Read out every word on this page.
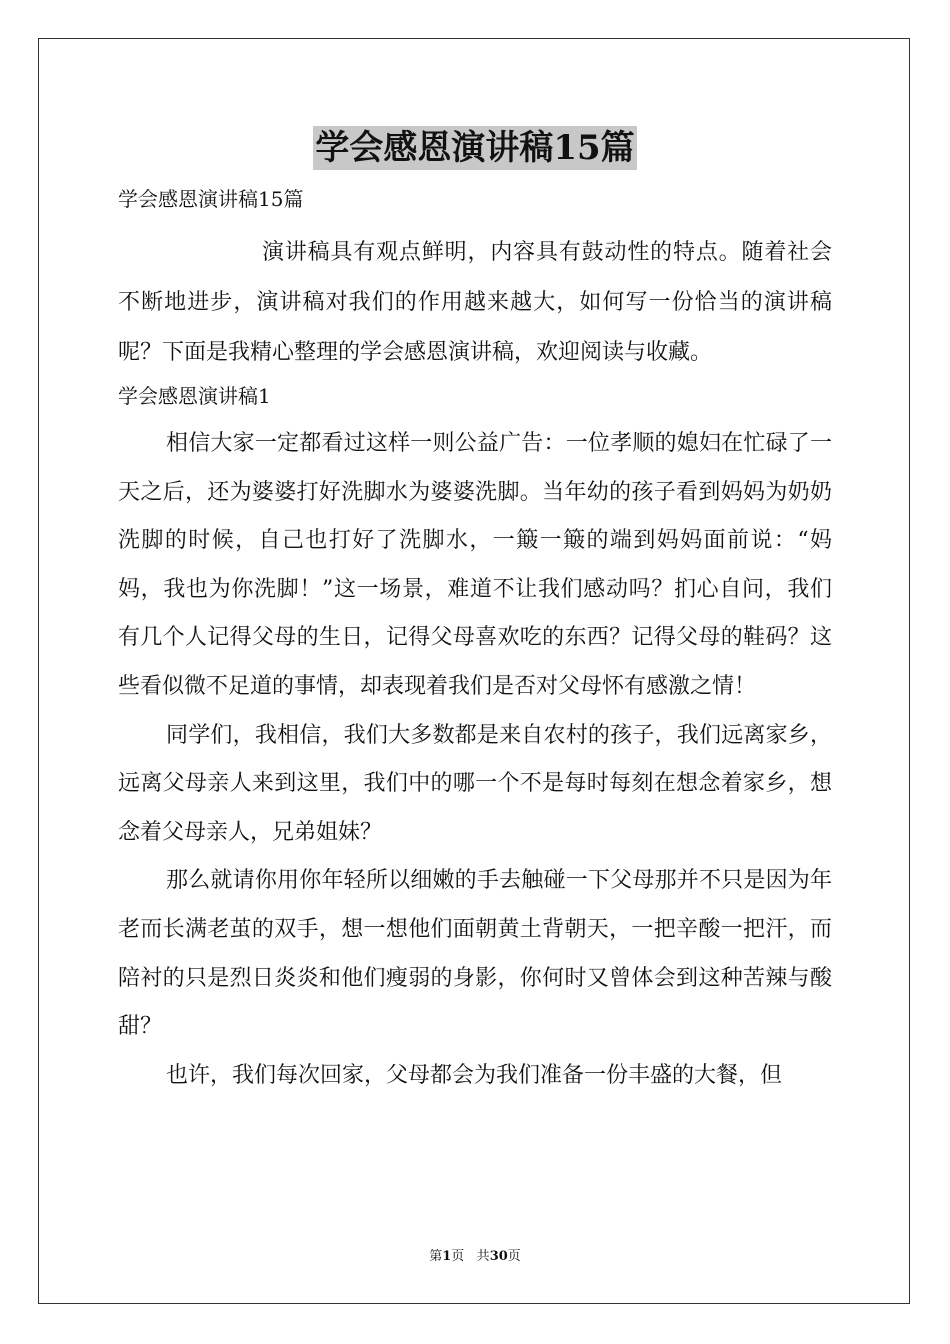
学会感恩演讲稿15篇
学会感恩演讲稿15篇

演讲稿具有观点鲜明，内容具有鼓动性的特点。随着社会不断地进步，演讲稿对我们的作用越来越大，如何写一份恰当的演讲稿呢？下面是我精心整理的学会感恩演讲稿，欢迎阅读与收藏。

学会感恩演讲稿1

相信大家一定都看过这样一则公益广告：一位孝顺的媳妇在忙碌了一天之后，还为婆婆打好洗脚水为婆婆洗脚。当年幼的孩子看到妈妈为奶奶洗脚的时候，自己也打好了洗脚水，一簸一簸的端到妈妈面前说：“妈妈，我也为你洗脚！”这一场景，难道不让我们感动吗？扪心自问，我们有几个人记得父母的生日，记得父母喜欢吃的东西？记得父母的鞋码？这些看似微不足道的事情，却表现着我们是否对父母怀有感激之情！

同学们，我相信，我们大多数都是来自农村的孩子，我们远离家乡，远离父母亲人来到这里，我们中的哪一个不是每时每刻在想念着家乡，想念着父母亲人，兄弟姐妹？

那么就请你用你年轻所以细嫩的手去触碰一下父母那并不只是因为年老而长满老茧的双手，想一想他们面朝黄土背朝天，一把辛酸一把汗，而陪衬的只是烈日炎炎和他们瘦弱的身影，你何时又曾体会到这种苦辣与酸甜？

也许，我们每次回家，父母都会为我们准备一份丰盛的大餐，但

第1页 共30页
